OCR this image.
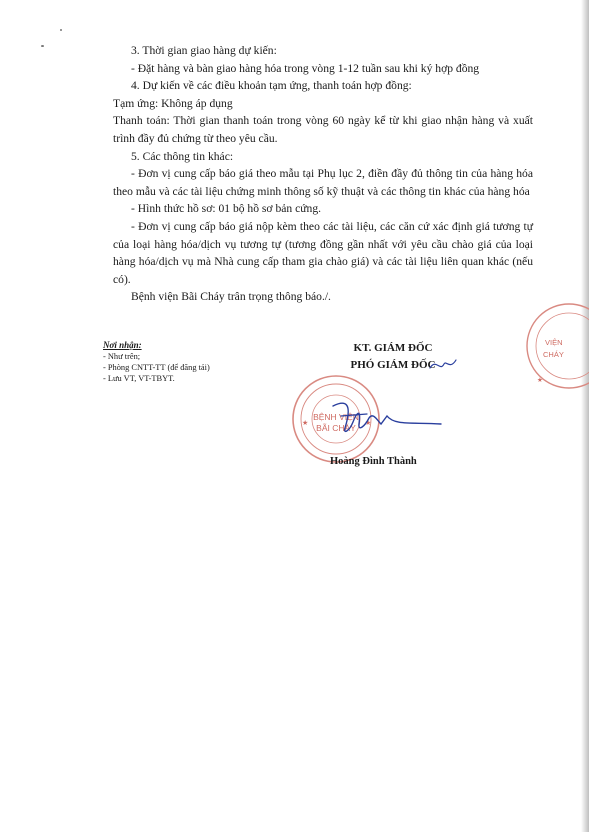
3. Thời gian giao hàng dự kiến:

- Đặt hàng và bàn giao hàng hóa trong vòng 1-12 tuần sau khi ký hợp đồng

4. Dự kiến về các điều khoản tạm ứng, thanh toán hợp đồng:

Tạm ứng: Không áp dụng

Thanh toán: Thời gian thanh toán trong vòng 60 ngày kể từ khi giao nhận hàng và xuất trình đầy đủ chứng từ theo yêu cầu.

5. Các thông tin khác:

- Đơn vị cung cấp báo giá theo mẫu tại Phụ lục 2, điền đầy đủ thông tin của hàng hóa theo mẫu và các tài liệu chứng minh thông số kỹ thuật và các thông tin khác của hàng hóa

- Hình thức hồ sơ: 01 bộ hồ sơ bản cứng.

- Đơn vị cung cấp báo giá nộp kèm theo các tài liệu, các căn cứ xác định giá tương tự của loại hàng hóa/dịch vụ tương tự (tương đồng gần nhất với yêu cầu chào giá của loại hàng hóa/dịch vụ mà Nhà cung cấp tham gia chào giá) và các tài liệu liên quan khác (nếu có).

Bệnh viện Bãi Cháy trân trọng thông báo./.

Nơi nhận:
- Như trên;
- Phòng CNTT-TT (để đăng tải)
- Lưu VT, VT-TBYT.
KT. GIÁM ĐỐC
PHÓ GIÁM ĐỐC
BỆNH VIỆN
BÃI CHÁY
★	★
VIỆN
CHÁY
★
Hoàng Đình Thành
